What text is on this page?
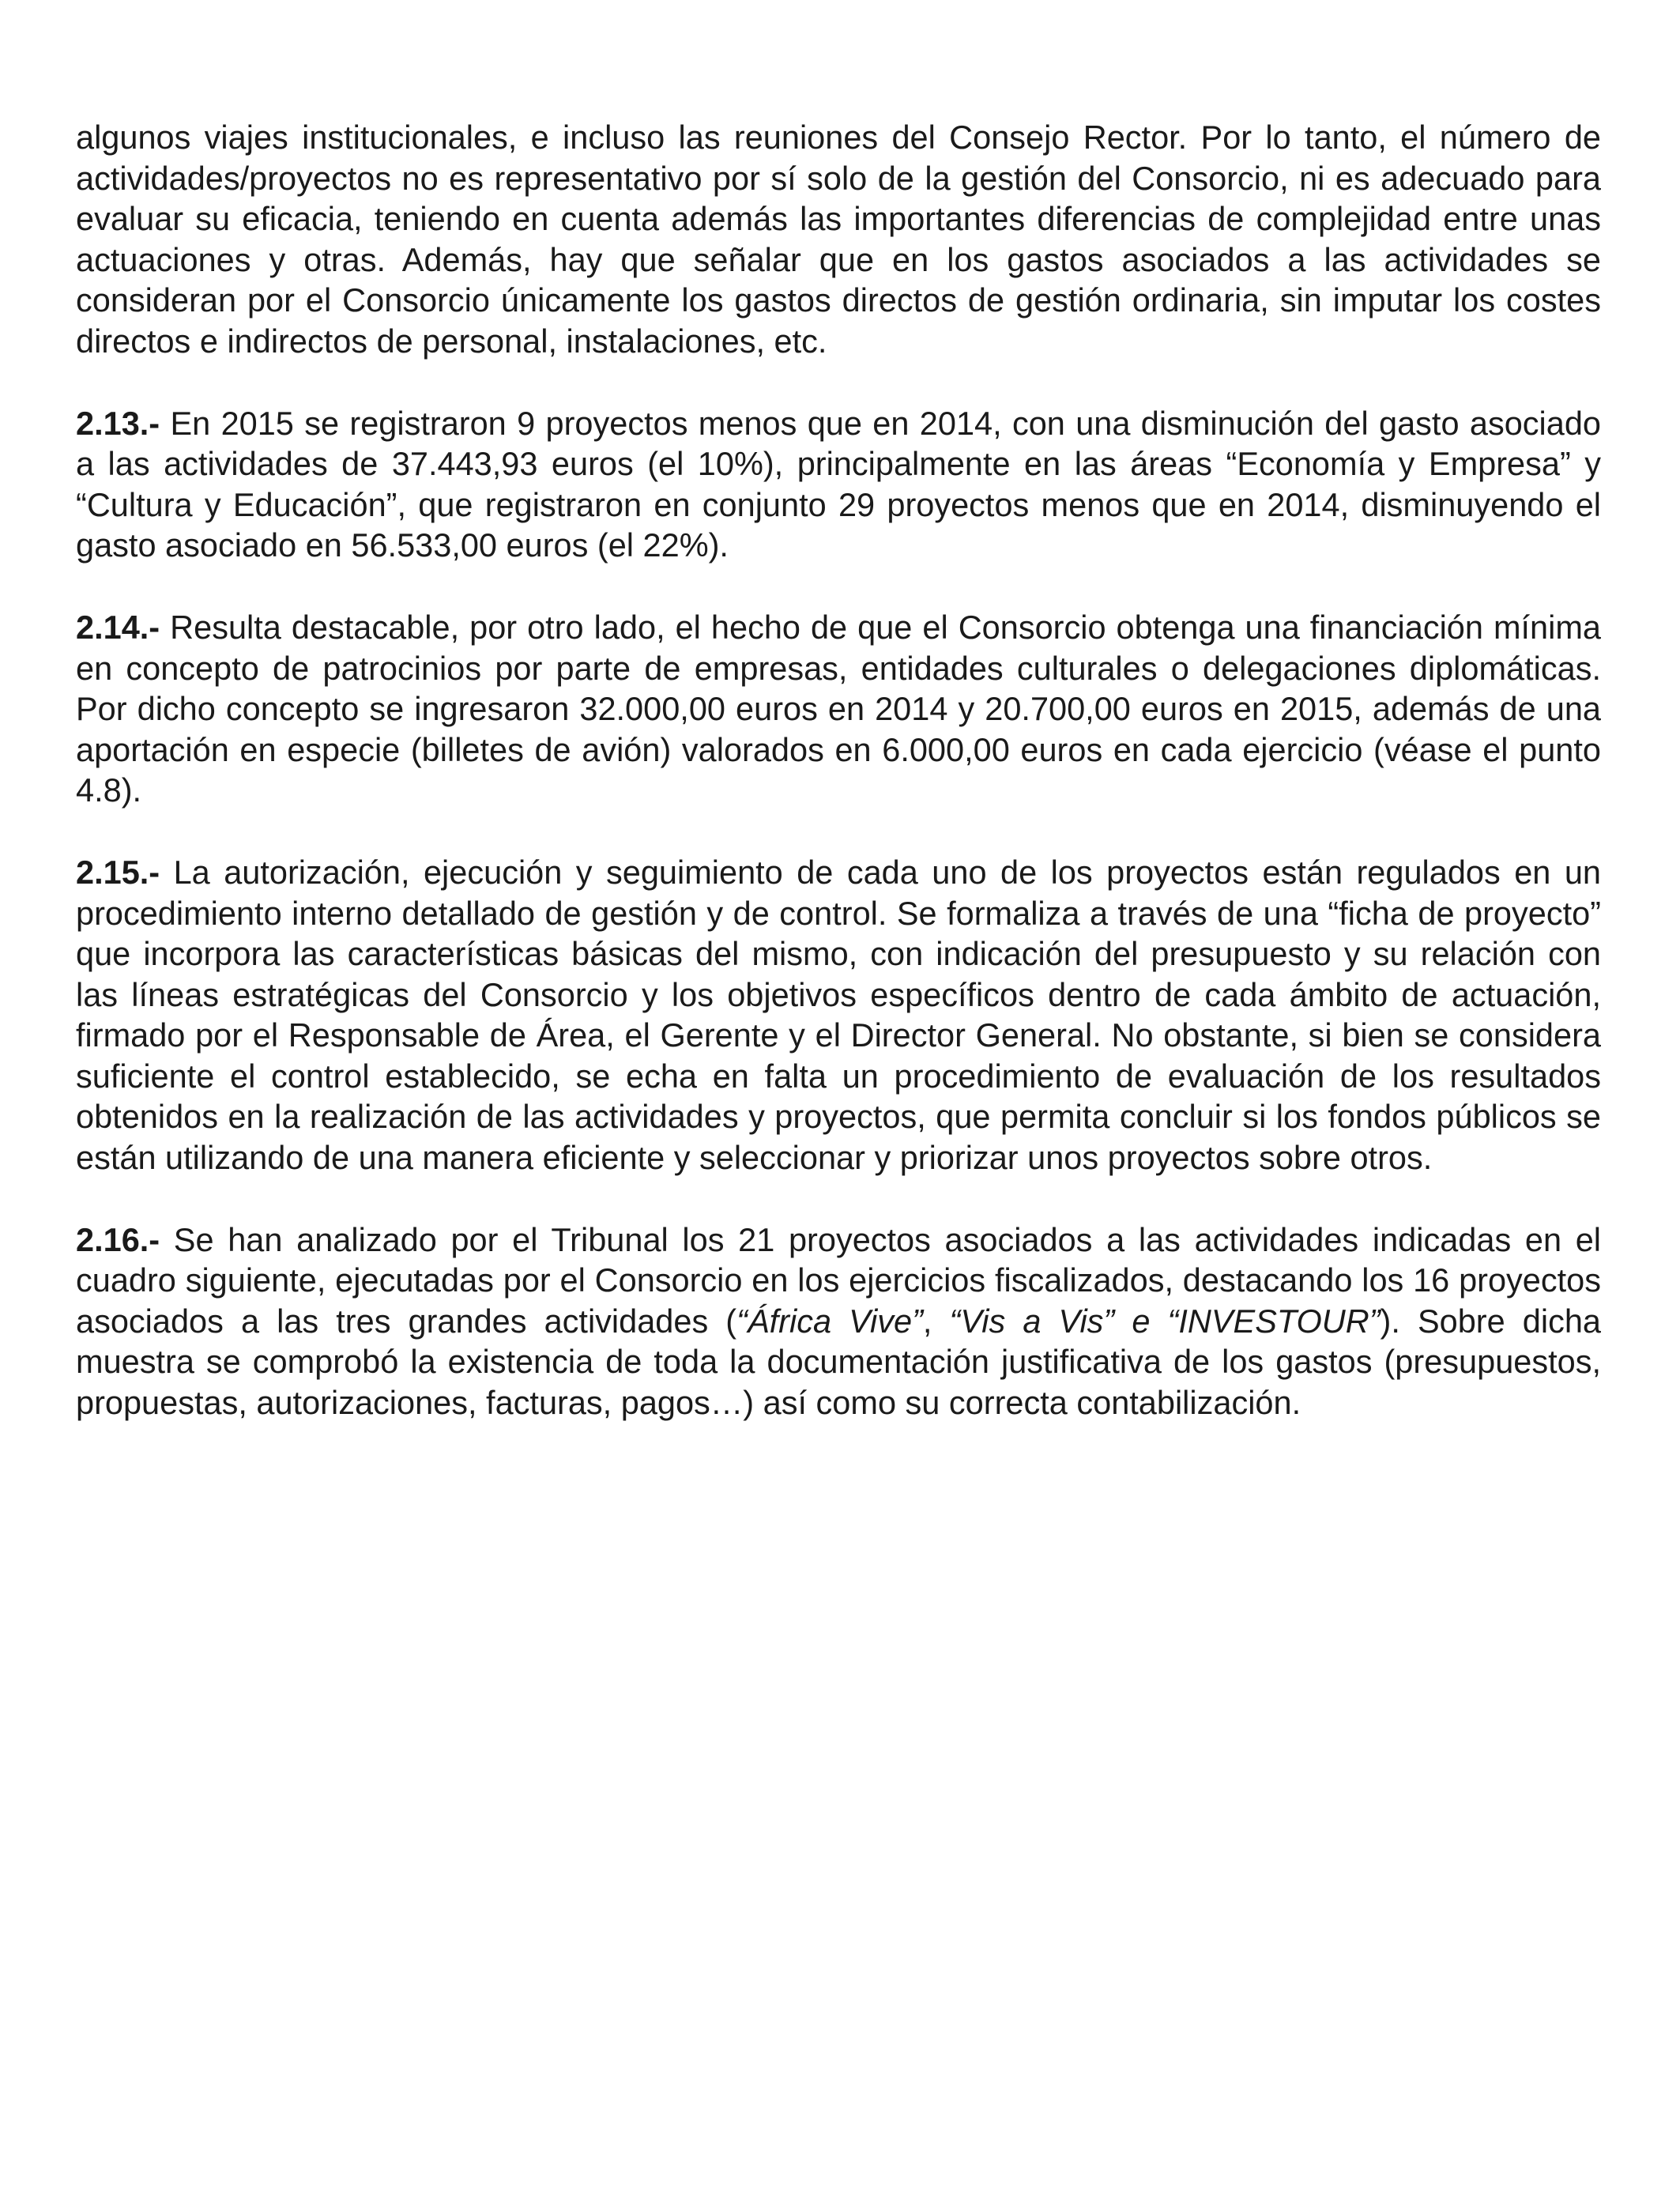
algunos viajes institucionales, e incluso las reuniones del Consejo Rector. Por lo tanto, el número de actividades/proyectos no es representativo por sí solo de la gestión del Consorcio, ni es adecuado para evaluar su eficacia, teniendo en cuenta además las importantes diferencias de complejidad entre unas actuaciones y otras. Además, hay que señalar que en los gastos asociados a las actividades se consideran por el Consorcio únicamente los gastos directos de gestión ordinaria, sin imputar los costes directos e indirectos de personal, instalaciones, etc.

2.13.- En 2015 se registraron 9 proyectos menos que en 2014, con una disminución del gasto asociado a las actividades de 37.443,93 euros (el 10%), principalmente en las áreas “Economía y Empresa” y “Cultura y Educación”, que registraron en conjunto 29 proyectos menos que en 2014, disminuyendo el gasto asociado en 56.533,00 euros (el 22%).

2.14.- Resulta destacable, por otro lado, el hecho de que el Consorcio obtenga una financiación mínima en concepto de patrocinios por parte de empresas, entidades culturales o delegaciones diplomáticas. Por dicho concepto se ingresaron 32.000,00 euros en 2014 y 20.700,00 euros en 2015, además de una aportación en especie (billetes de avión) valorados en 6.000,00 euros en cada ejercicio (véase el punto 4.8).

2.15.- La autorización, ejecución y seguimiento de cada uno de los proyectos están regulados en un procedimiento interno detallado de gestión y de control. Se formaliza a través de una “ficha de proyecto” que incorpora las características básicas del mismo, con indicación del presupuesto y su relación con las líneas estratégicas del Consorcio y los objetivos específicos dentro de cada ámbito de actuación, firmado por el Responsable de Área, el Gerente y el Director General. No obstante, si bien se considera suficiente el control establecido, se echa en falta un procedimiento de evaluación de los resultados obtenidos en la realización de las actividades y proyectos, que permita concluir si los fondos públicos se están utilizando de una manera eficiente y seleccionar y priorizar unos proyectos sobre otros.

2.16.- Se han analizado por el Tribunal los 21 proyectos asociados a las actividades indicadas en el cuadro siguiente, ejecutadas por el Consorcio en los ejercicios fiscalizados, destacando los 16 proyectos asociados a las tres grandes actividades (“África Vive”, “Vis a Vis” e “INVESTOUR”). Sobre dicha muestra se comprobó la existencia de toda la documentación justificativa de los gastos (presupuestos, propuestas, autorizaciones, facturas, pagos…) así como su correcta contabilización.
